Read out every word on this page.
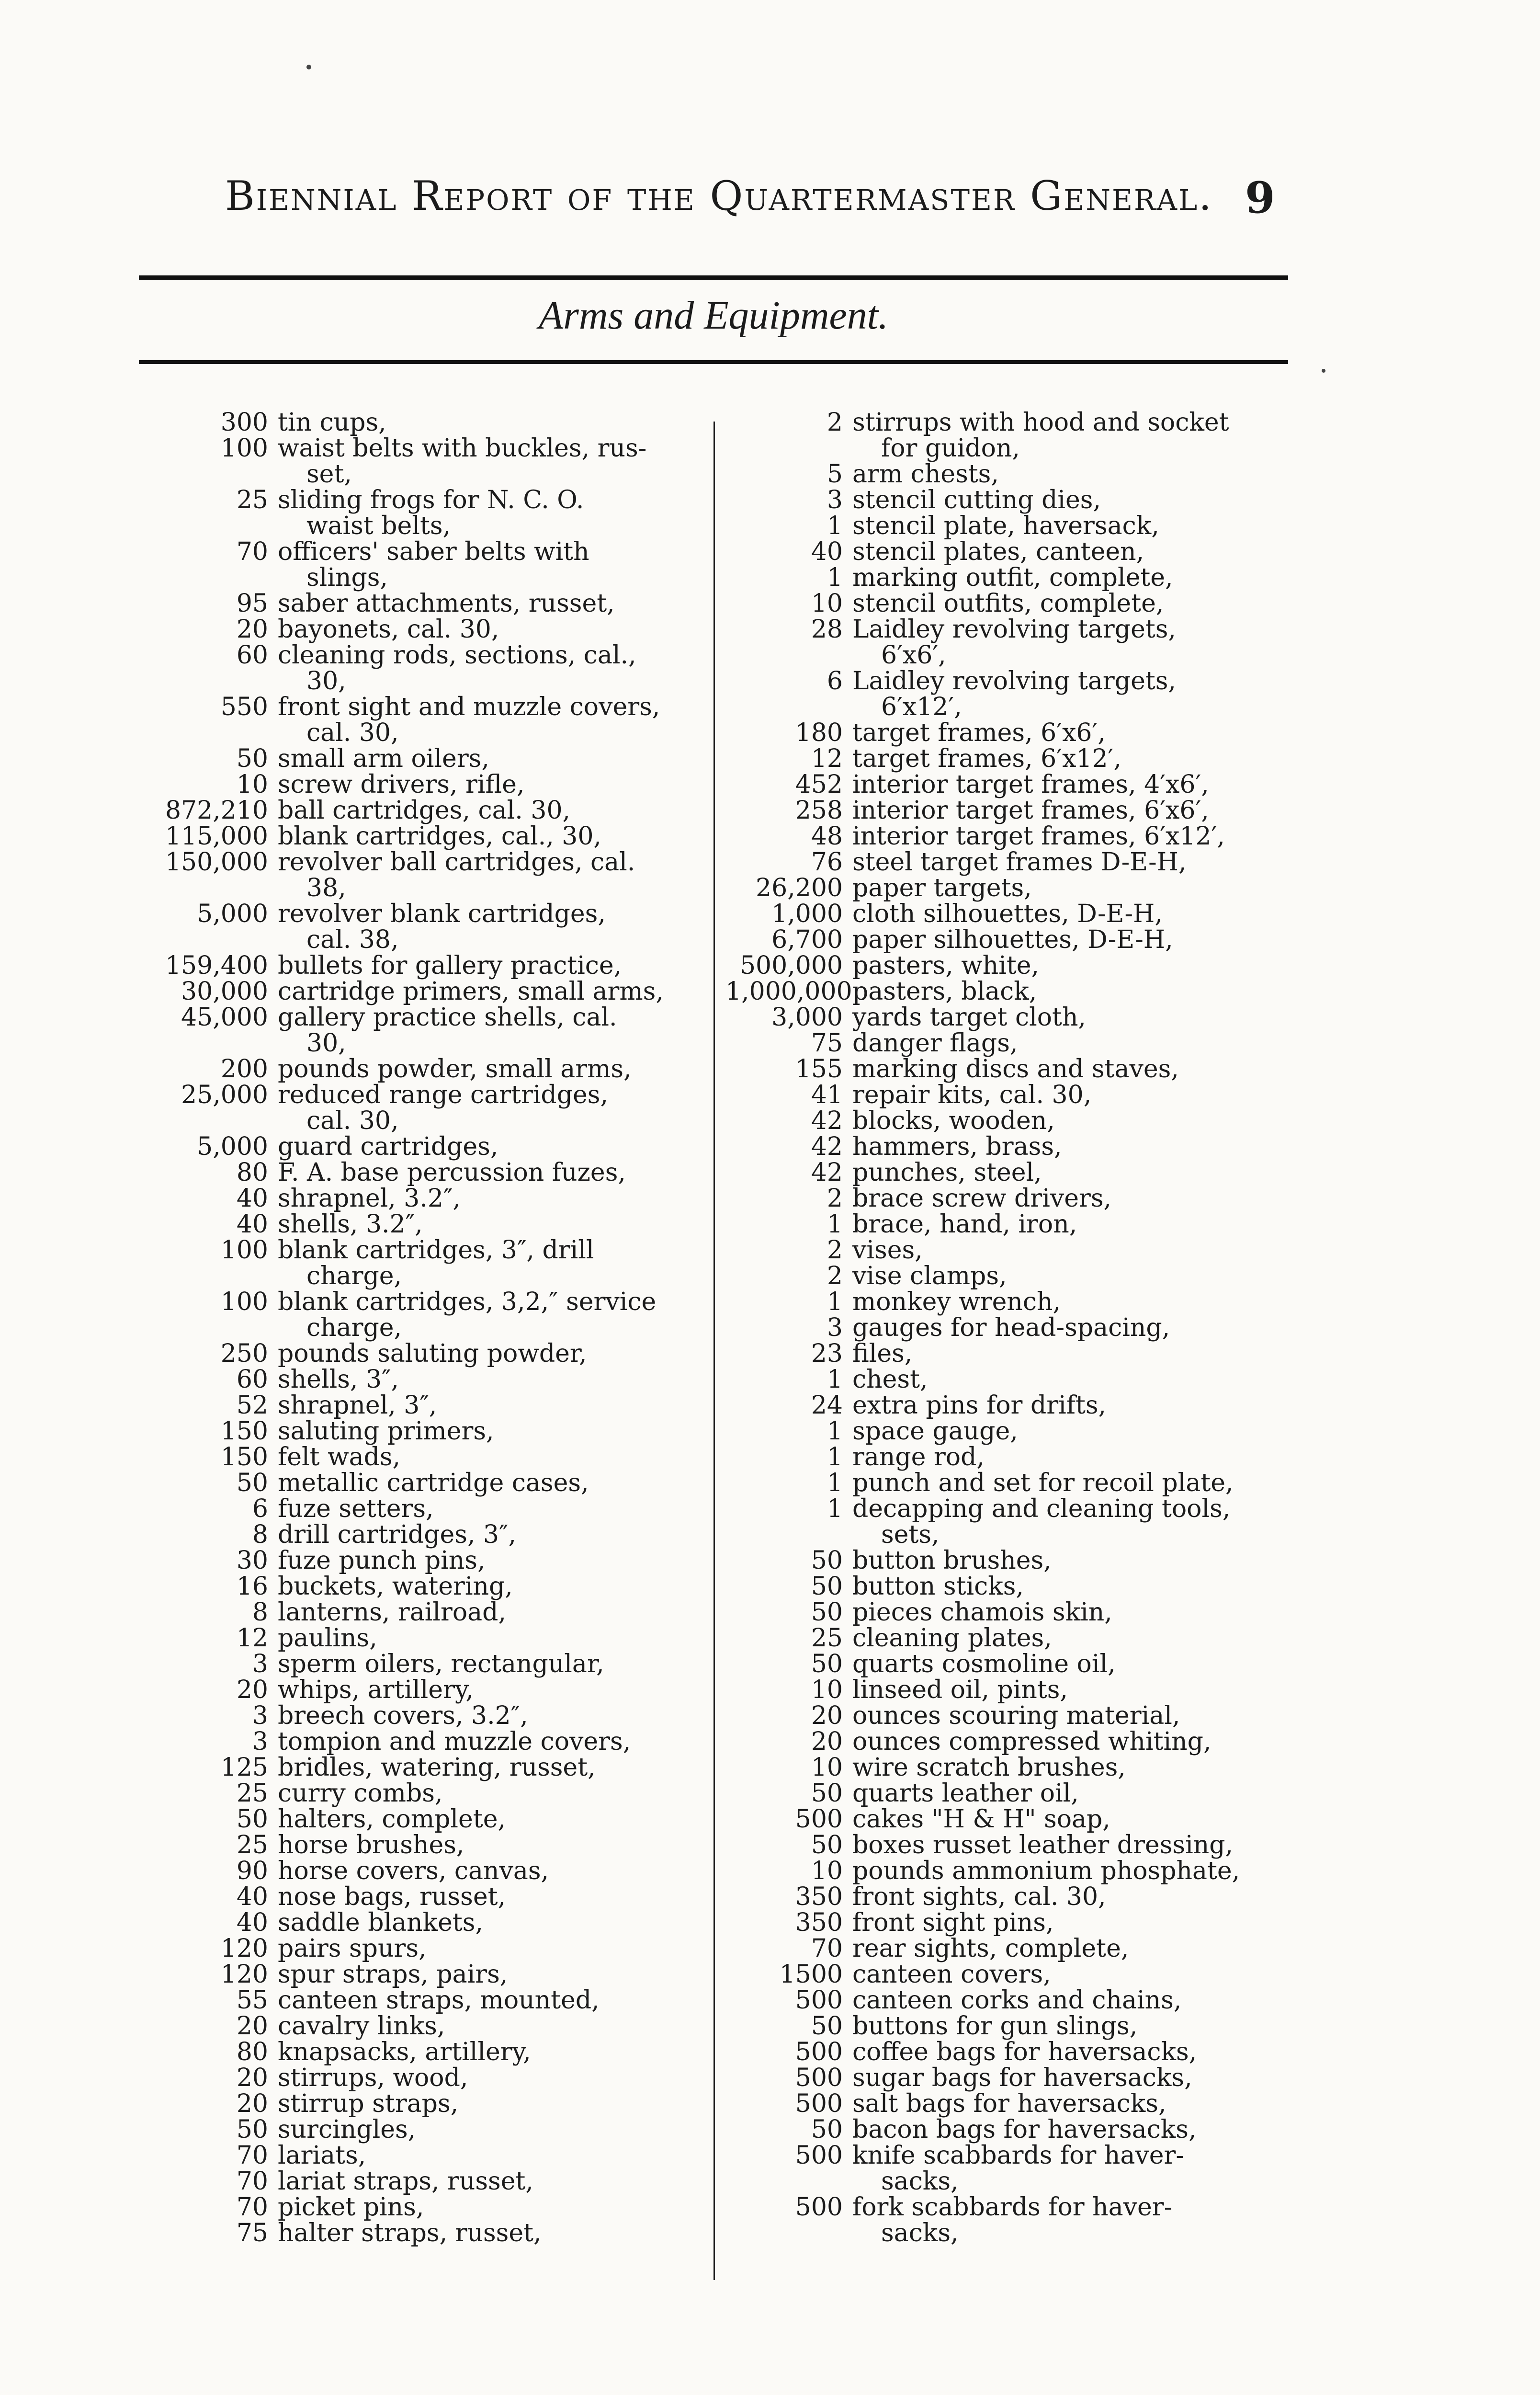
Biennial Report of the Quartermaster General. 9
Arms and Equipment.
300 tin cups,
100 waist belts with buckles, rus-
set,
25 sliding frogs for N. C. O.
waist belts,
70 officers' saber belts with
slings,
95 saber attachments, russet,
20 bayonets, cal. 30,
60 cleaning rods, sections, cal.,
30,
550 front sight and muzzle covers,
cal. 30,
50 small arm oilers,
10 screw drivers, rifle,
872,210 ball cartridges, cal. 30,
115,000 blank cartridges, cal., 30,
150,000 revolver ball cartridges, cal.
38,
5,000 revolver blank cartridges,
cal. 38,
159,400 bullets for gallery practice,
30,000 cartridge primers, small arms,
45,000 gallery practice shells, cal.
30,
200 pounds powder, small arms,
25,000 reduced range cartridges,
cal. 30,
5,000 guard cartridges,
80 F. A. base percussion fuzes,
40 shrapnel, 3.2″,
40 shells, 3.2″,
100 blank cartridges, 3″, drill
charge,
100 blank cartridges, 3,2,″ service
charge,
250 pounds saluting powder,
60 shells, 3″,
52 shrapnel, 3″,
150 saluting primers,
150 felt wads,
50 metallic cartridge cases,
6 fuze setters,
8 drill cartridges, 3″,
30 fuze punch pins,
16 buckets, watering,
8 lanterns, railroad,
12 paulins,
3 sperm oilers, rectangular,
20 whips, artillery,
3 breech covers, 3.2″,
3 tompion and muzzle covers,
125 bridles, watering, russet,
25 curry combs,
50 halters, complete,
25 horse brushes,
90 horse covers, canvas,
40 nose bags, russet,
40 saddle blankets,
120 pairs spurs,
120 spur straps, pairs,
55 canteen straps, mounted,
20 cavalry links,
80 knapsacks, artillery,
20 stirrups, wood,
20 stirrup straps,
50 surcingles,
70 lariats,
70 lariat straps, russet,
70 picket pins,
75 halter straps, russet,
2 stirrups with hood and socket
for guidon,
5 arm chests,
3 stencil cutting dies,
1 stencil plate, haversack,
40 stencil plates, canteen,
1 marking outfit, complete,
10 stencil outfits, complete,
28 Laidley revolving targets,
6′x6′,
6 Laidley revolving targets,
6′x12′,
180 target frames, 6′x6′,
12 target frames, 6′x12′,
452 interior target frames, 4′x6′,
258 interior target frames, 6′x6′,
48 interior target frames, 6′x12′,
76 steel target frames D-E-H,
26,200 paper targets,
1,000 cloth silhouettes, D-E-H,
6,700 paper silhouettes, D-E-H,
500,000 pasters, white,
1,000,000 pasters, black,
3,000 yards target cloth,
75 danger flags,
155 marking discs and staves,
41 repair kits, cal. 30,
42 blocks, wooden,
42 hammers, brass,
42 punches, steel,
2 brace screw drivers,
1 brace, hand, iron,
2 vises,
2 vise clamps,
1 monkey wrench,
3 gauges for head-spacing,
23 files,
1 chest,
24 extra pins for drifts,
1 space gauge,
1 range rod,
1 punch and set for recoil plate,
1 decapping and cleaning tools,
sets,
50 button brushes,
50 button sticks,
50 pieces chamois skin,
25 cleaning plates,
50 quarts cosmoline oil,
10 linseed oil, pints,
20 ounces scouring material,
20 ounces compressed whiting,
10 wire scratch brushes,
50 quarts leather oil,
500 cakes "H & H" soap,
50 boxes russet leather dressing,
10 pounds ammonium phosphate,
350 front sights, cal. 30,
350 front sight pins,
70 rear sights, complete,
1500 canteen covers,
500 canteen corks and chains,
50 buttons for gun slings,
500 coffee bags for haversacks,
500 sugar bags for haversacks,
500 salt bags for haversacks,
50 bacon bags for haversacks,
500 knife scabbards for haver-
sacks,
500 fork scabbards for haver-
sacks,
